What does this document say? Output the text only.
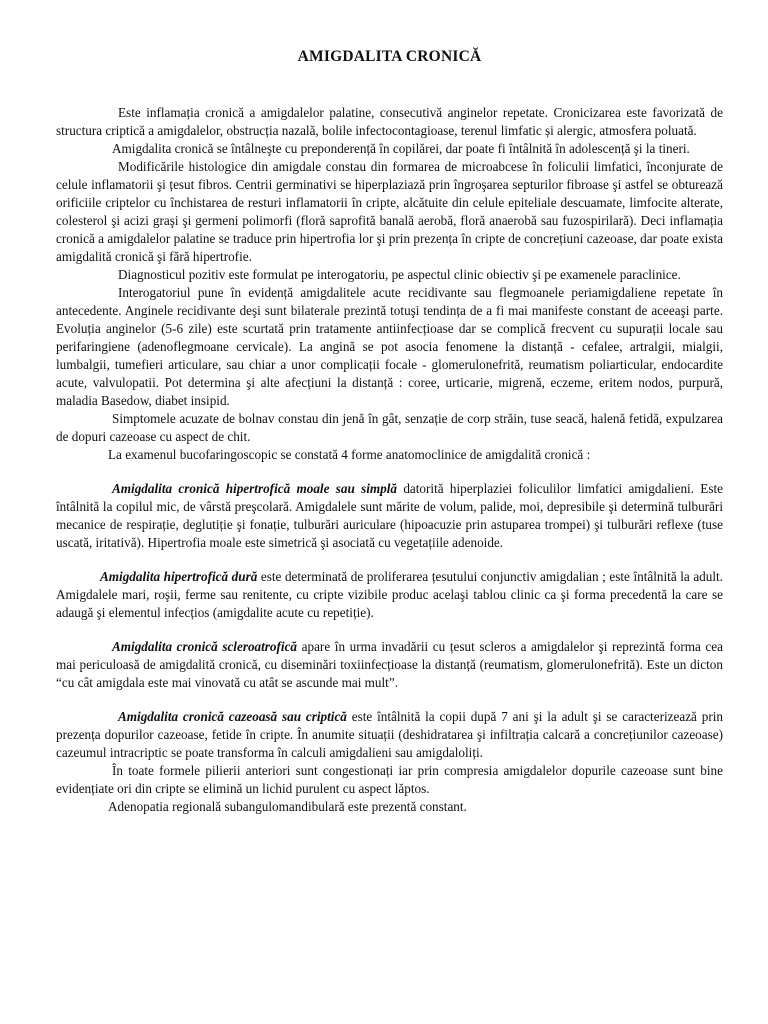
AMIGDALITA CRONICĂ

Este inflamația cronică a amigdalelor palatine, consecutivă anginelor repetate. Cronicizarea este favorizată de structura criptică a amigdalelor, obstrucția nazală, bolile infectocontagioase, terenul limfatic și alergic, atmosfera poluată.

Amigdalita cronică se întâlneşte cu preponderență în copilărei, dar poate fi întâlnită în adolescență şi la tineri.

Modificările histologice din amigdale constau din formarea de microabcese în foliculii limfatici, înconjurate de celule inflamatorii şi țesut fibros. Centrii germinativi se hiperplaziază prin îngroşarea septurilor fibroase şi astfel se obturează orificiile criptelor cu închistarea de resturi inflamatorii în cripte, alcătuite din celule epiteliale descuamate, limfocite alterate, colesterol şi acizi graşi şi germeni polimorfi (floră saprofită banală aerobă, floră anaerobă sau fuzospirilară). Deci inflamația cronică a amigdalelor palatine se traduce prin hipertrofia lor şi prin prezența în cripte de concrețiuni cazeoase, dar poate exista amigdalită cronică şi fără hipertrofie.

Diagnosticul pozitiv este formulat pe interogatoriu, pe aspectul clinic obiectiv şi pe examenele paraclinice.

Interogatoriul pune în evidență amigdalitele acute recidivante sau flegmoanele periamigdaliene repetate în antecedente. Anginele recidivante deşi sunt bilaterale prezintă totuşi tendința de a fi mai manifeste constant de aceeaşi parte. Evoluția anginelor (5-6 zile) este scurtată prin tratamente antiinfecțioase dar se complică frecvent cu supurații locale sau perifaringiene (adenoflegmoane cervicale). La angină se pot asocia fenomene la distanță - cefalee, artralgii, mialgii, lumbalgii, tumefieri articulare, sau chiar a unor complicații focale - glomerulonefrită, reumatism poliarticular, endocardite acute, valvulopatii. Pot determina şi alte afecțiuni la distanță : coree, urticarie, migrenă, eczeme, eritem nodos, purpură, maladia Basedow, diabet insipid.

Simptomele acuzate de bolnav constau din jenă în gât, senzație de corp străin, tuse seacă, halenă fetidă, expulzarea de dopuri cazeoase cu aspect de chit.

La examenul bucofaringoscopic se constată 4 forme anatomoclinice de amigdalită cronică :

Amigdalita cronică hipertrofică moale sau simplă datorită hiperplaziei foliculilor limfatici amigdalieni. Este întâlnită la copilul mic, de vârstă preşcolară. Amigdalele sunt mărite de volum, palide, moi, depresibile şi determină tulburări mecanice de respirație, deglutiție şi fonație, tulburări auriculare (hipoacuzie prin astuparea trompei) şi tulburări reflexe (tuse uscată, iritativă). Hipertrofia moale este simetrică şi asociată cu vegetațiile adenoide.

Amigdalita hipertrofică dură este determinată de proliferarea țesutului conjunctiv amigdalian ; este întâlnită la adult. Amigdalele mari, roşii, ferme sau renitente, cu cripte vizibile produc acelaşi tablou clinic ca şi forma precedentă la care se adaugă şi elementul infecțios (amigdalite acute cu repetiție).

Amigdalita cronică scleroatrofică apare în urma invadării cu țesut scleros a amigdalelor şi reprezintă forma cea mai periculoasă de amigdalită cronică, cu diseminări toxiinfecțioase la distanță (reumatism, glomerulonefrită). Este un dicton “cu cât amigdala este mai vinovată cu atât se ascunde mai mult”.

Amigdalita cronică cazeoasă sau criptică este întâlnită la copii după 7 ani şi la adult şi se caracterizează prin prezența dopurilor cazeoase, fetide în cripte. În anumite situații (deshidratarea şi infiltrația calcară a concrețiunilor cazeoase) cazeumul intracriptic se poate transforma în calculi amigdalieni sau amigdaloliți.

În toate formele pilierii anteriori sunt congestionați iar prin compresia amigdalelor dopurile cazeoase sunt bine evidențiate ori din cripte se elimină un lichid purulent cu aspect lăptos.

Adenopatia regională subangulomandibulară este prezentă constant.
